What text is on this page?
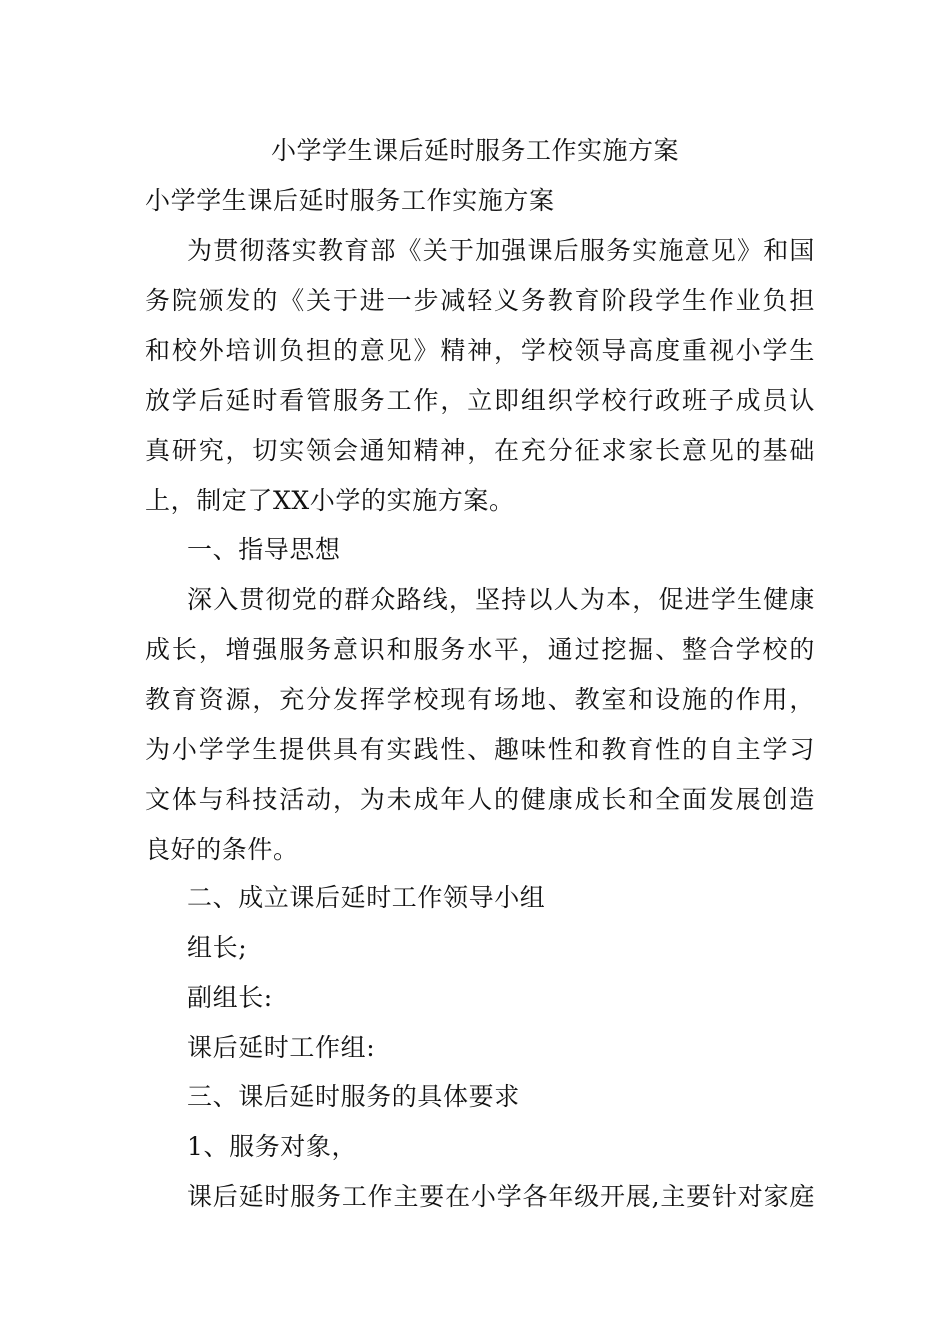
小学学生课后延时服务工作实施方案
小学学生课后延时服务工作实施方案
为贯彻落实教育部《关于加强课后服务实施意见》和国
务院颁发的《关于进一步减轻义务教育阶段学生作业负担
和校外培训负担的意见》精神，学校领导高度重视小学生
放学后延时看管服务工作，立即组织学校行政班子成员认
真研究，切实领会通知精神，在充分征求家长意见的基础
上，制定了XX小学的实施方案。
一、指导思想
深入贯彻党的群众路线，坚持以人为本，促进学生健康
成长，增强服务意识和服务水平，通过挖掘、整合学校的
教育资源，充分发挥学校现有场地、教室和设施的作用，
为小学学生提供具有实践性、趣味性和教育性的自主学习
文体与科技活动，为未成年人的健康成长和全面发展创造
良好的条件。
二、成立课后延时工作领导小组
组长;
副组长:
课后延时工作组:
三、课后延时服务的具体要求
1、服务对象，
课后延时服务工作主要在小学各年级开展,主要针对家庭
